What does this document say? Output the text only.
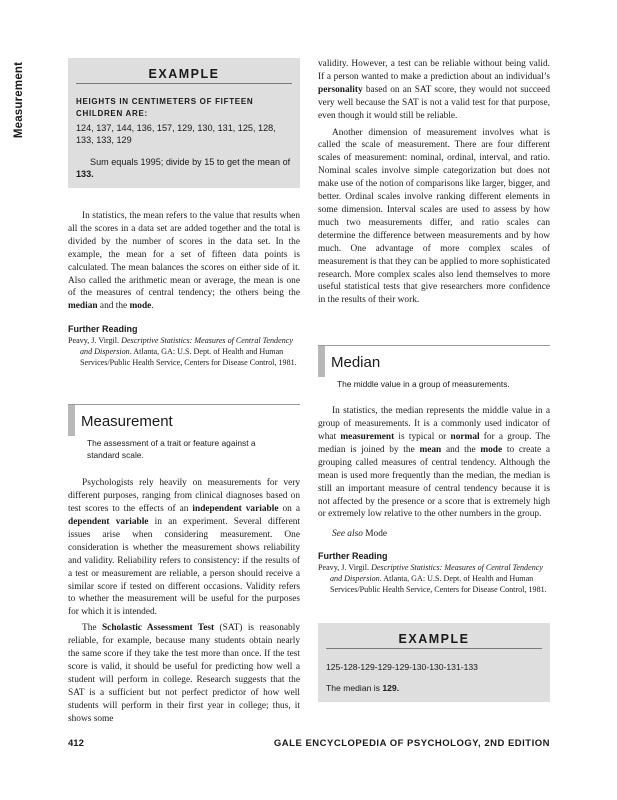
Measurement	EXAMPLE
HEIGHTS IN CENTIMETERS OF FIFTEEN CHILDREN ARE:
124, 137, 144, 136, 157, 129, 130, 131, 125, 128, 133, 133, 129
Sum equals 1995; divide by 15 to get the mean of 133.

In statistics, the mean refers to the value that results when all the scores in a data set are added together and the total is divided by the number of scores in the data set. In the example, the mean for a set of fifteen data points is calculated. The mean balances the scores on either side of it. Also called the arithmetic mean or average, the mean is one of the measures of central tendency; the others being the median and the mode.

Further Reading

Peavy, J. Virgil. Descriptive Statistics: Measures of Central Tendency and Dispersion. Atlanta, GA: U.S. Dept. of Health and Human Services/Public Health Service, Centers for Disease Control, 1981.

Measurement

The assessment of a trait or feature against a standard scale.

Psychologists rely heavily on measurements for very different purposes, ranging from clinical diagnoses based on test scores to the effects of an independent variable on a dependent variable in an experiment. Several different issues arise when considering measurement. One consideration is whether the measurement shows reliability and validity. Reliability refers to consistency: if the results of a test or measurement are reliable, a person should receive a similar score if tested on different occasions. Validity refers to whether the measurement will be useful for the purposes for which it is intended.

The Scholastic Assessment Test (SAT) is reasonably reliable, for example, because many students obtain nearly the same score if they take the test more than once. If the test score is valid, it should be useful for predicting how well a student will perform in college. Research suggests that the SAT is a sufficient but not perfect predictor of how well students will perform in their first year in college; thus, it shows some

validity. However, a test can be reliable without being valid. If a person wanted to make a prediction about an individual’s personality based on an SAT score, they would not succeed very well because the SAT is not a valid test for that purpose, even though it would still be reliable.

Another dimension of measurement involves what is called the scale of measurement. There are four different scales of measurement: nominal, ordinal, interval, and ratio. Nominal scales involve simple categorization but does not make use of the notion of comparisons like larger, bigger, and better. Ordinal scales involve ranking different elements in some dimension. Interval scales are used to assess by how much two measurements differ, and ratio scales can determine the difference between measurements and by how much. One advantage of more complex scales of measurement is that they can be applied to more sophisticated research. More complex scales also lend themselves to more useful statistical tests that give researchers more confidence in the results of their work.

Median

The middle value in a group of measurements.

In statistics, the median represents the middle value in a group of measurements. It is a commonly used indicator of what measurement is typical or normal for a group. The median is joined by the mean and the mode to create a grouping called measures of central tendency. Although the mean is used more frequently than the median, the median is still an important measure of central tendency because it is not affected by the presence or a score that is extremely high or extremely low relative to the other numbers in the group.

See also Mode

Further Reading

Peavy, J. Virgil. Descriptive Statistics: Measures of Central Tendency and Dispersion. Atlanta, GA: U.S. Dept. of Health and Human Services/Public Health Service, Centers for Disease Control, 1981.

EXAMPLE
125-128-129-129-129-130-130-131-133
The median is 129.
412	GALE ENCYCLOPEDIA OF PSYCHOLOGY, 2ND EDITION
